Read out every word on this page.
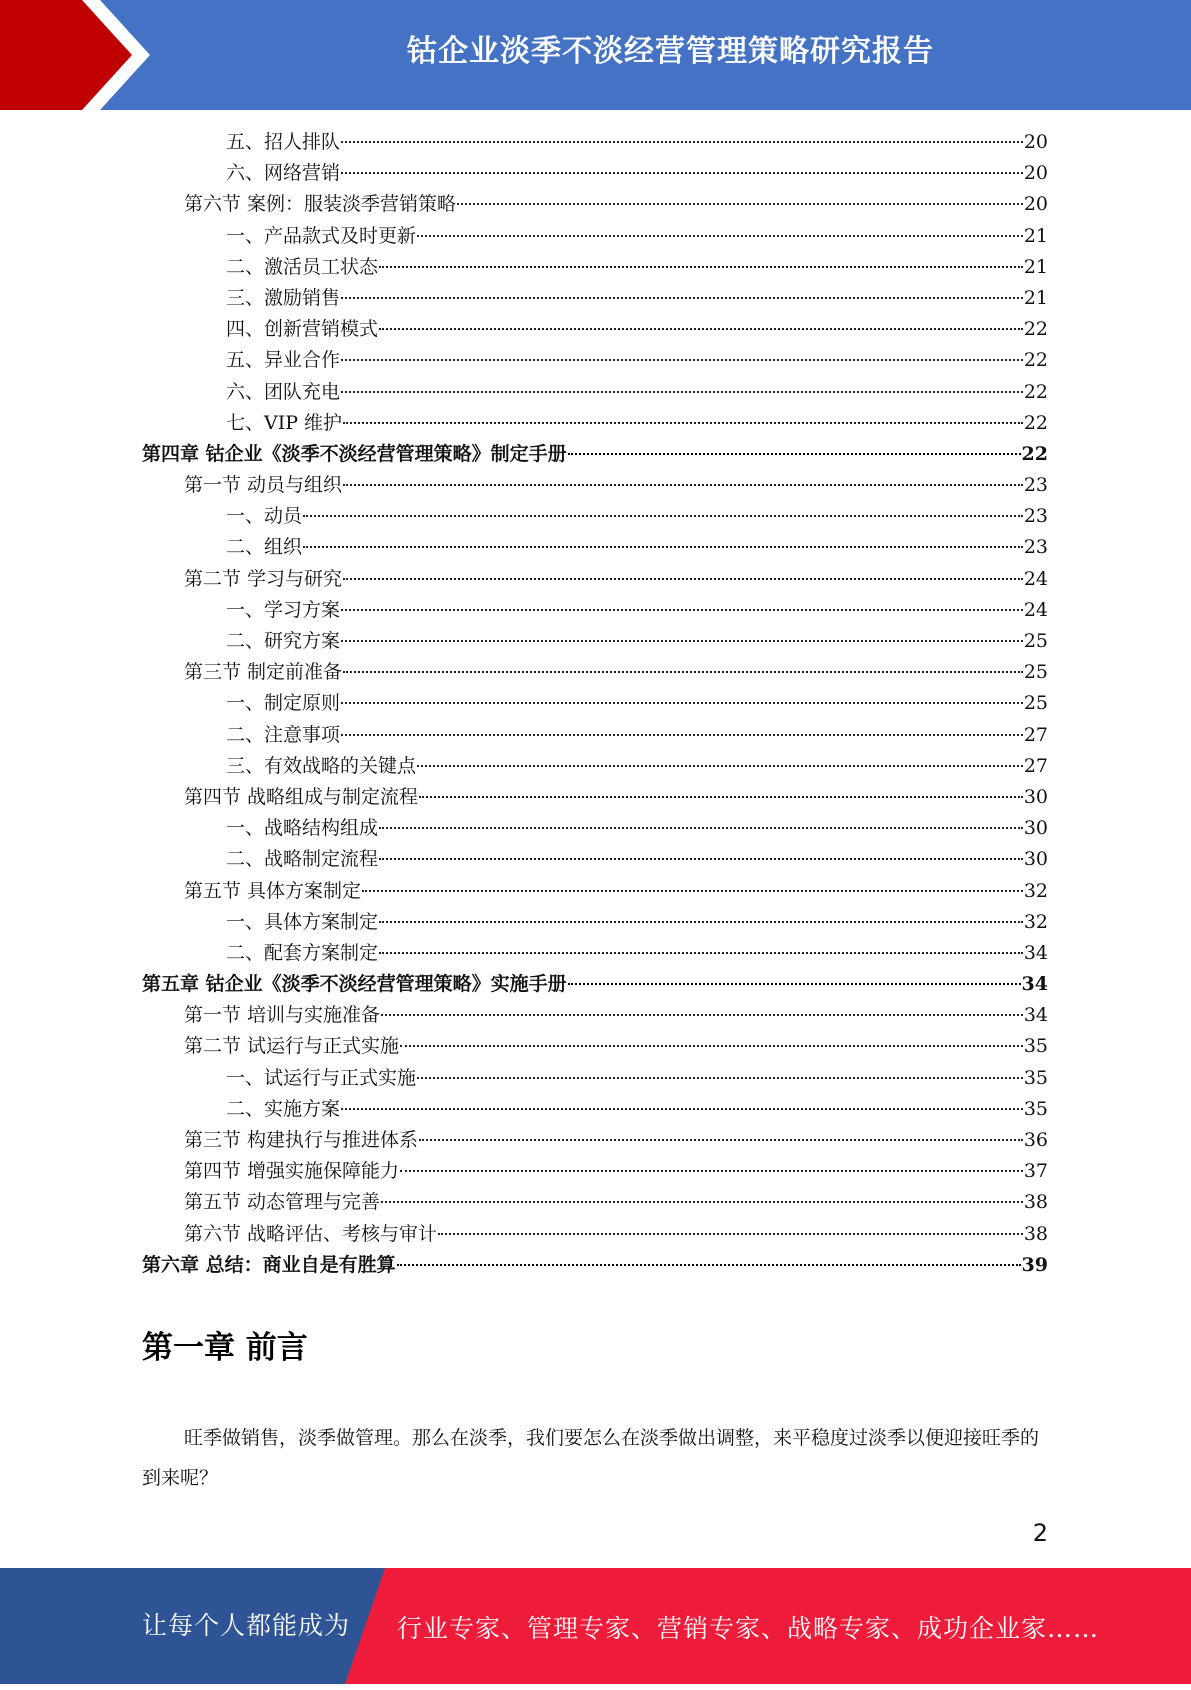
钴企业淡季不淡经营管理策略研究报告
五、招人排队	20
六、网络营销	20
第六节 案例：服装淡季营销策略	20
一、产品款式及时更新	21
二、激活员工状态	21
三、激励销售	21
四、创新营销模式	22
五、异业合作	22
六、团队充电	22
七、VIP 维护	22
第四章 钴企业《淡季不淡经营管理策略》制定手册	22
第一节 动员与组织	23
一、动员	23
二、组织	23
第二节 学习与研究	24
一、学习方案	24
二、研究方案	25
第三节 制定前准备	25
一、制定原则	25
二、注意事项	27
三、有效战略的关键点	27
第四节 战略组成与制定流程	30
一、战略结构组成	30
二、战略制定流程	30
第五节 具体方案制定	32
一、具体方案制定	32
二、配套方案制定	34
第五章 钴企业《淡季不淡经营管理策略》实施手册	34
第一节 培训与实施准备	34
第二节 试运行与正式实施	35
一、试运行与正式实施	35
二、实施方案	35
第三节 构建执行与推进体系	36
第四节 增强实施保障能力	37
第五节 动态管理与完善	38
第六节 战略评估、考核与审计	38
第六章 总结：商业自是有胜算	39
第一章 前言
旺季做销售，淡季做管理。那么在淡季，我们要怎么在淡季做出调整，来平稳度过淡季以便迎接旺季的到来呢？
2
让每个人都能成为 行业专家、管理专家、营销专家、战略专家、成功企业家……
